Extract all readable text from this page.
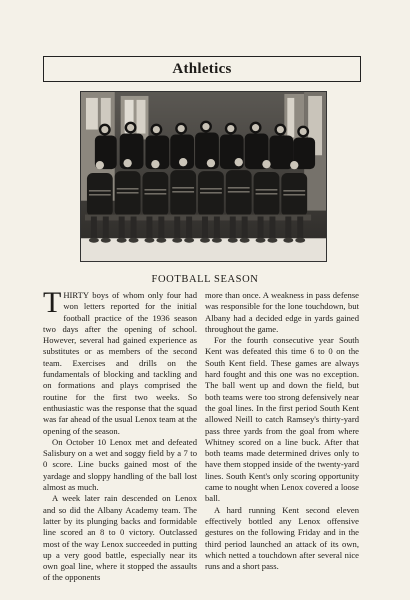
Athletics
FOOTBALL SEASON

THIRTY boys of whom only four had won letters reported for the initial football practice of the 1936 season two days after the opening of school. However, several had gained experience as substitutes or as members of the second team. Exercises and drills on the fundamentals of blocking and tackling and on formations and plays comprised the routine for the first two weeks. So enthusiastic was the response that the squad was far ahead of the usual Lenox team at the opening of the season.

On October 10 Lenox met and defeated Salisbury on a wet and soggy field by a 7 to 0 score. Line bucks gained most of the yardage and sloppy handling of the ball lost almost as much.

A week later rain descended on Lenox and so did the Albany Academy team. The latter by its plunging backs and formidable line scored an 8 to 0 victory. Outclassed most of the way Lenox succeeded in putting up a very good battle, especially near its own goal line, where it stopped the assaults of the opponents

more than once. A weakness in pass defense was responsible for the lone touchdown, but Albany had a decided edge in yards gained throughout the game.

For the fourth consecutive year South Kent was defeated this time 6 to 0 on the South Kent field. These games are always hard fought and this one was no exception. The ball went up and down the field, but both teams were too strong defensively near the goal lines. In the first period South Kent allowed Neill to catch Ramsey's thirty-yard pass three yards from the goal from where Whitney scored on a line buck. After that both teams made determined drives only to have them stopped inside of the twenty-yard lines. South Kent's only scoring opportunity came to nought when Lenox covered a loose ball.

A hard running Kent second eleven effectively bottled any Lenox offensive gestures on the following Friday and in the third period launched an attack of its own, which netted a touchdown after several nice runs and a short pass.
